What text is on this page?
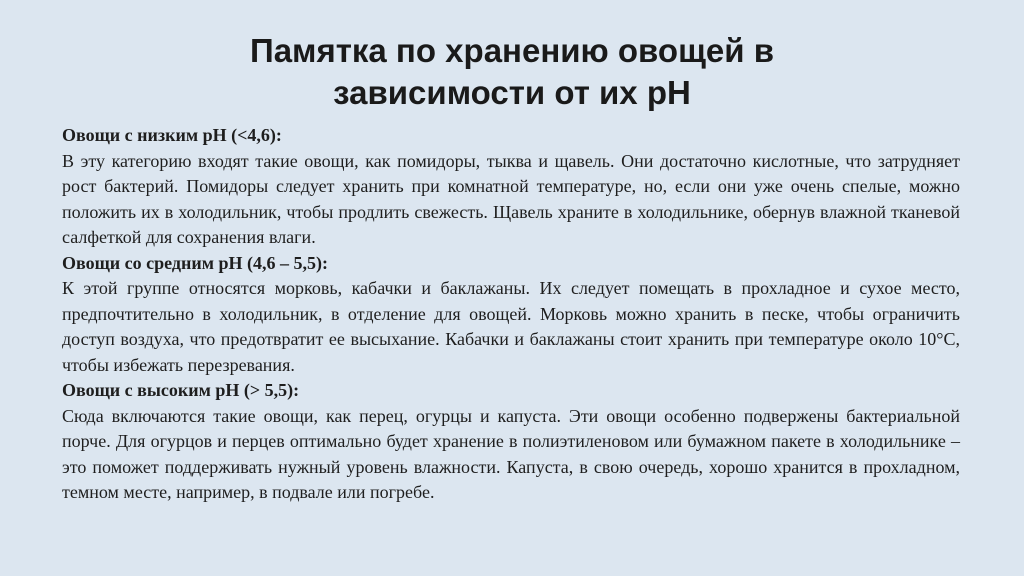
Памятка по хранению овощей в зависимости от их pH

Овощи с низким pH (<4,6):

В эту категорию входят такие овощи, как помидоры, тыква и щавель. Они достаточно кислотные, что затрудняет рост бактерий. Помидоры следует хранить при комнатной температуре, но, если они уже очень спелые, можно положить их в холодильник, чтобы продлить свежесть. Щавель храните в холодильнике, обернув влажной тканевой салфеткой для сохранения влаги.

Овощи со средним pH (4,6 – 5,5):

К этой группе относятся морковь, кабачки и баклажаны. Их следует помещать в прохладное и сухое место, предпочтительно в холодильник, в отделение для овощей. Морковь можно хранить в песке, чтобы ограничить доступ воздуха, что предотвратит ее высыхание. Кабачки и баклажаны стоит хранить при температуре около 10°C, чтобы избежать перезревания.

Овощи с высоким pH (> 5,5):

Сюда включаются такие овощи, как перец, огурцы и капуста. Эти овощи особенно подвержены бактериальной порче. Для огурцов и перцев оптимально будет хранение в полиэтиленовом или бумажном пакете в холодильнике – это поможет поддерживать нужный уровень влажности. Капуста, в свою очередь, хорошо хранится в прохладном, темном месте, например, в подвале или погребе.
